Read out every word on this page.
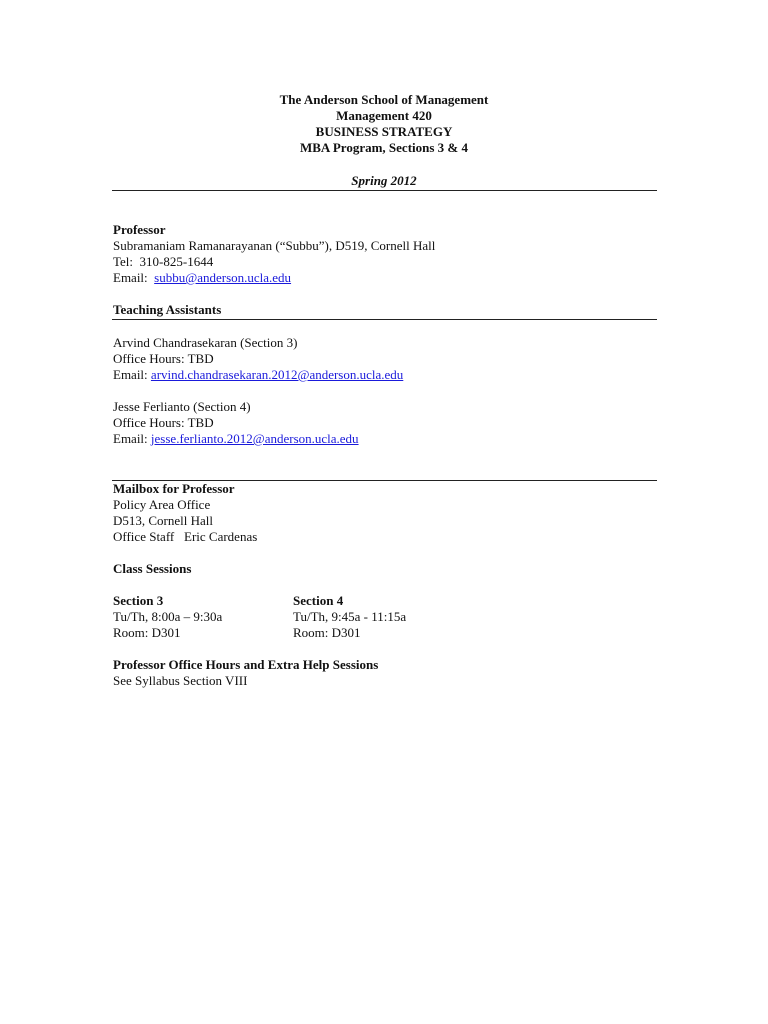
The Anderson School of Management
Management 420
BUSINESS STRATEGY
MBA Program, Sections 3 & 4
Spring 2012
Professor
Subramaniam Ramanarayanan (“Subbu”), D519, Cornell Hall
Tel: 310-825-1644
Email: subbu@anderson.ucla.edu
Teaching Assistants
Arvind Chandrasekaran (Section 3)
Office Hours: TBD
Email: arvind.chandrasekaran.2012@anderson.ucla.edu
Jesse Ferlianto (Section 4)
Office Hours: TBD
Email: jesse.ferlianto.2012@anderson.ucla.edu
Mailbox for Professor
Policy Area Office
D513, Cornell Hall
Office Staff   Eric Cardenas
Class Sessions
Section 3
Tu/Th, 8:00a – 9:30a
Room: D301
Section 4
Tu/Th, 9:45a - 11:15a
Room: D301
Professor Office Hours and Extra Help Sessions
See Syllabus Section VIII
